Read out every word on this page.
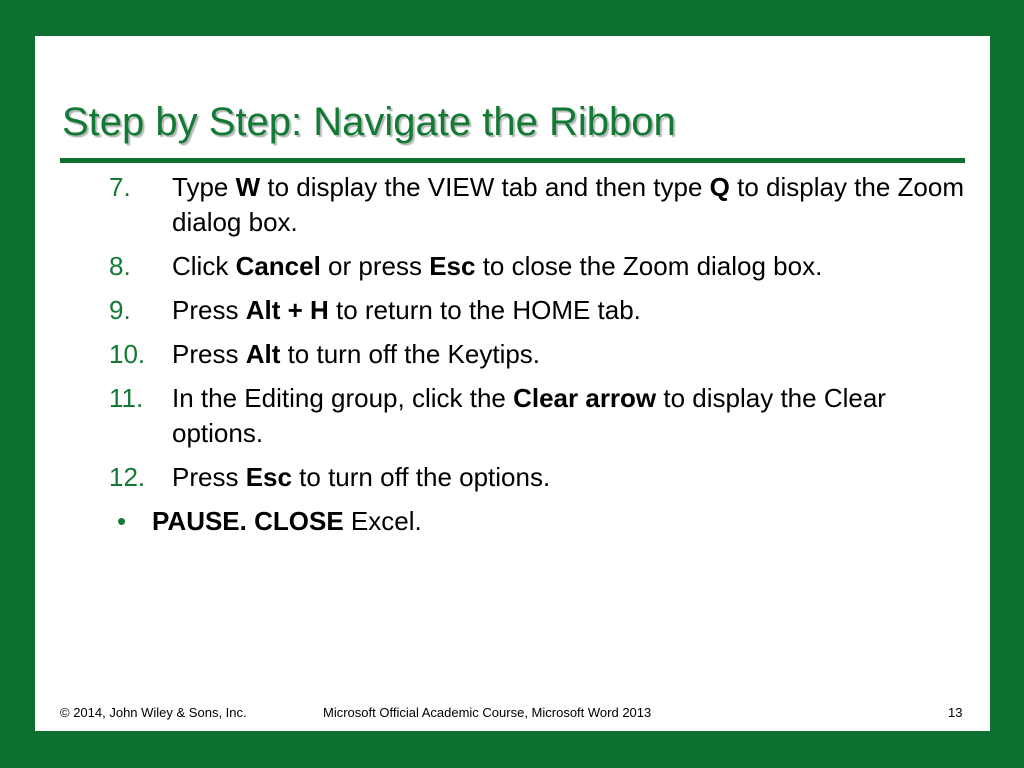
Step by Step: Navigate the Ribbon
7. Type W to display the VIEW tab and then type Q to display the Zoom dialog box.
8. Click Cancel or press Esc to close the Zoom dialog box.
9. Press Alt + H to return to the HOME tab.
10. Press Alt to turn off the Keytips.
11. In the Editing group, click the Clear arrow to display the Clear options.
12. Press Esc to turn off the options.
• PAUSE. CLOSE Excel.
© 2014, John Wiley & Sons, Inc.	Microsoft Official Academic Course, Microsoft Word 2013	13
